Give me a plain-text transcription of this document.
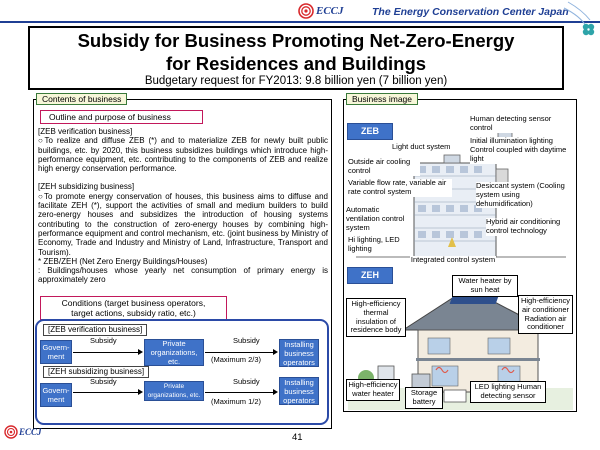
ECCJ	The Energy Conservation Center Japan
Subsidy for Business Promoting Net-Zero-Energy
for Residences and Buildings
Budgetary request for FY2013: 9.8 billion yen (7 billion yen)
Contents of business
Outline and purpose of business
[ZEB verification business]
○To realize and diffuse ZEB (*) and to materialize ZEB for newly built public buildings, etc. by 2020, this business subsidizes buildings which introduce high-performance equipment, etc. contributing to the components of ZEB and realize high energy conservation performance.
[ZEH subsidizing business]
○To promote energy conservation of houses, this business aims to diffuse and facilitate ZEH (*), support the activities of small and medium builders to build zero-energy houses and subsidizes the introduction of housing systems contributing to the construction of zero-energy houses by combining high-performance equipment and control mechanism, etc. (joint business by Ministry of Economy, Trade and Industry and Ministry of Land, Infrastructure, Transport and Tourism).
* ZEB/ZEH (Net Zero Energy Buildings/Houses)
: Buildings/houses whose yearly net consumption of primary energy is approximately zero
Conditions (target business operators,
target actions, subsidy ratio, etc.)
[ZEB verification business]
Govern-
ment
Subsidy	Private
organizations,
etc.
Subsidy	Installing
business
operators
(Maximum 2/3)
[ZEH subsidizing business]
Govern-
ment
Subsidy
Private
organizations, etc.
Subsidy	Installing
business
operators
(Maximum 1/2)
Business image
ZEB
Light duct system
Human detecting sensor control
Initial illumination lighting
Control coupled with daytime light
Outside air cooling control
Variable flow rate, variable air rate control system
Desiccant system (Cooling system using dehumidification)
Automatic ventilation control system
Hybrid air conditioning control technology
Hi lighting, LED lighting
Integrated control system
ZEH
Water heater by sun heat
High-efficiency thermal insulation of residence body
High-efficiency air conditioner Radiation air conditioner
High-efficiency water heater	Storage battery
LED lighting Human detecting sensor
ECCJ	41
